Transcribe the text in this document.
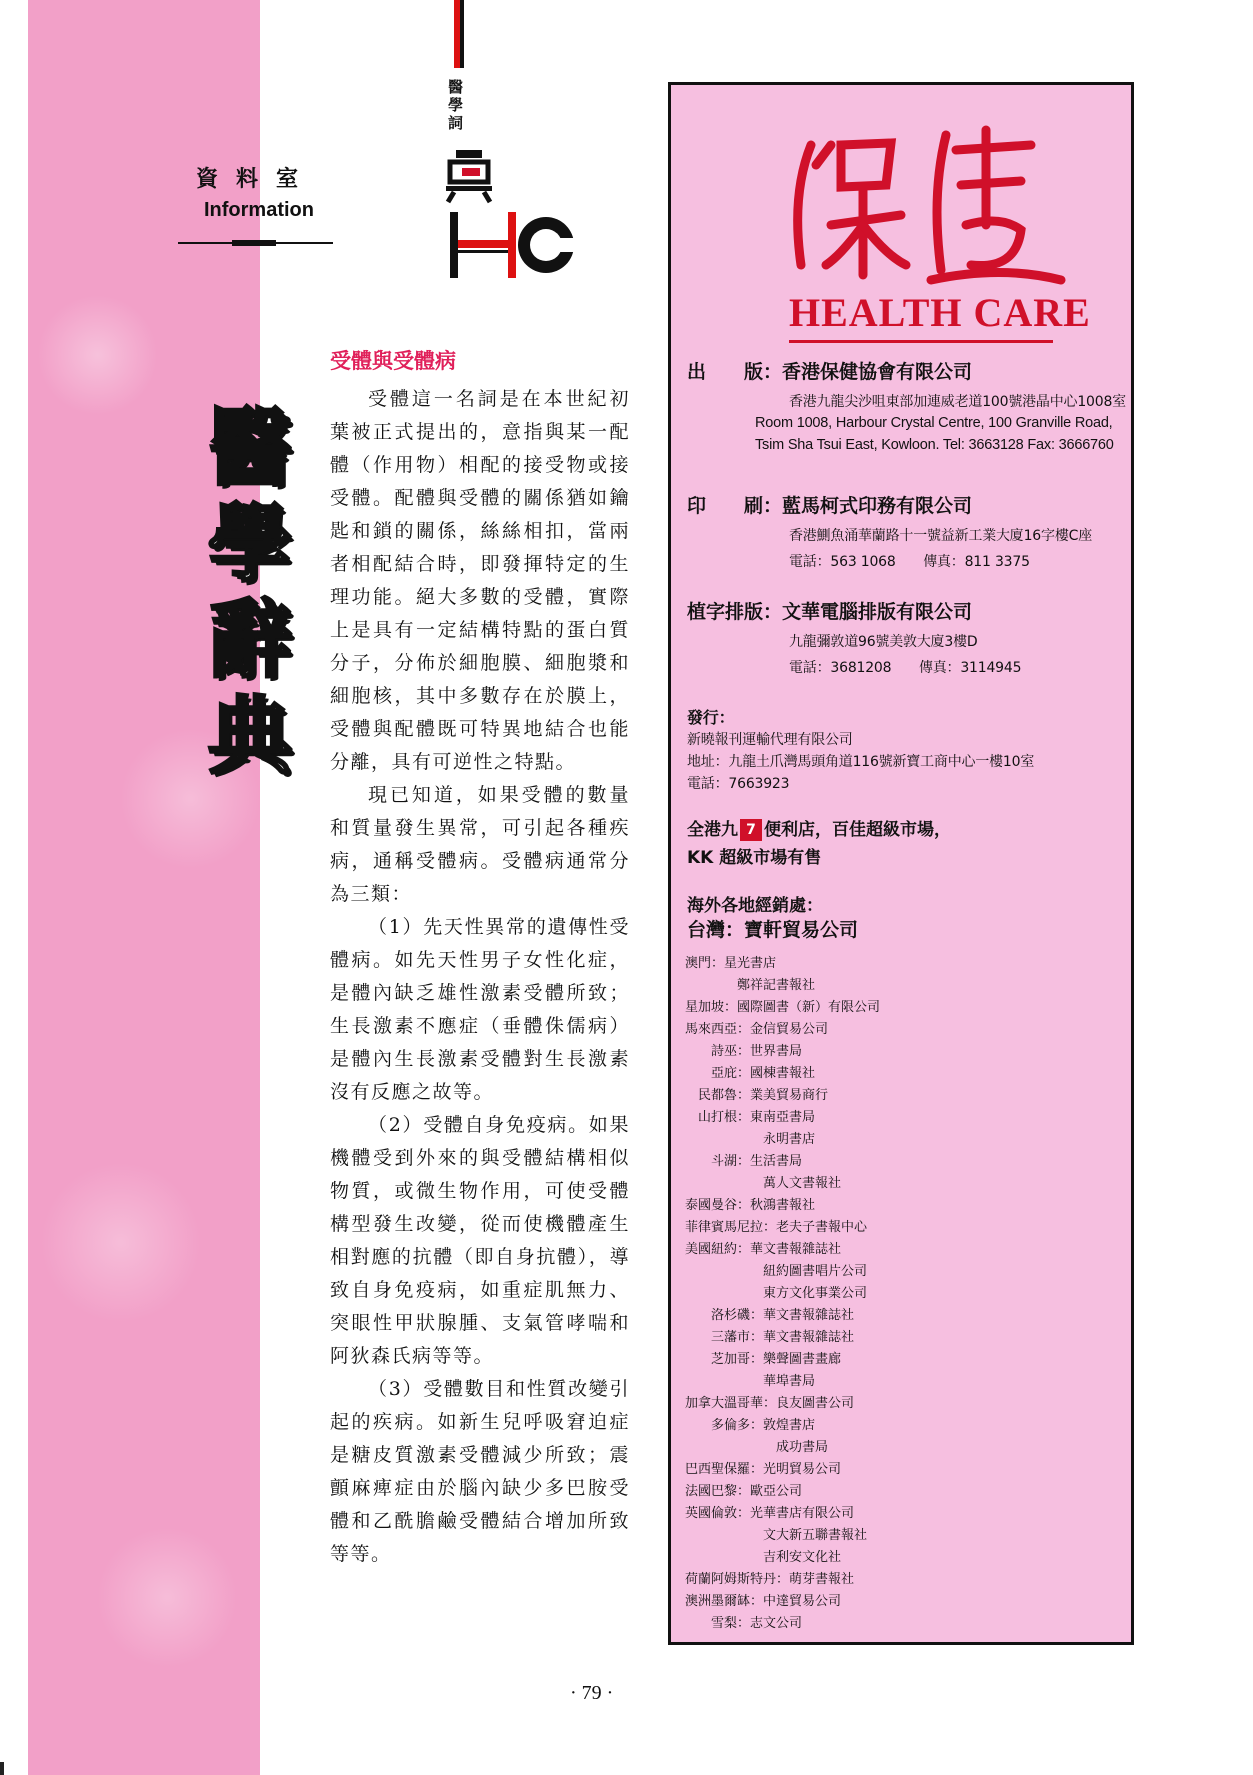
資料室
Information
醫學詞
醫
學
辭
典
受體與受體病

受體這一名詞是在本世紀初葉被正式提出的，意指與某一配體（作用物）相配的接受物或接受體。配體與受體的關係猶如鑰匙和鎖的關係，絲絲相扣，當兩者相配結合時，即發揮特定的生理功能。絕大多數的受體，實際上是具有一定結構特點的蛋白質分子，分佈於細胞膜、細胞漿和細胞核，其中多數存在於膜上，受體與配體既可特異地結合也能分離，具有可逆性之特點。

現已知道，如果受體的數量和質量發生異常，可引起各種疾病，通稱受體病。受體病通常分為三類：

（1）先天性異常的遺傳性受體病。如先天性男子女性化症，是體內缺乏雄性激素受體所致；生長激素不應症（垂體侏儒病）是體內生長激素受體對生長激素沒有反應之故等。

（2）受體自身免疫病。如果機體受到外來的與受體結構相似物質，或微生物作用，可使受體構型發生改變，從而使機體產生相對應的抗體（即自身抗體），導致自身免疫病，如重症肌無力、突眼性甲狀腺腫、支氣管哮喘和阿狄森氏病等等。

（3）受體數目和性質改變引起的疾病。如新生兒呼吸窘迫症是糖皮質激素受體減少所致；震顫麻痺症由於腦內缺少多巴胺受體和乙酰膽鹼受體結合增加所致等等。

· 79 ·
保健
HEALTH CARE
出　　版：香港保健協會有限公司
香港九龍尖沙咀東部加連威老道100號港晶中心1008室
Room 1008, Harbour Crystal Centre, 100 Granville Road,
Tsim Sha Tsui East, Kowloon. Tel: 3663128 Fax: 3666760
印　　刷：藍馬柯式印務有限公司
香港鰂魚涌華蘭路十一號益新工業大廈16字樓C座
電話：563 1068　　傳真：811 3375
植字排版：文華電腦排版有限公司
九龍彌敦道96號美敦大廈3樓D
電話：3681208　　傳真：3114945
發行：
新曉報刊運輸代理有限公司
地址：九龍土爪灣馬頭角道116號新寶工商中心一樓10室
電話：7663923
全港九 7 便利店，百佳超級市場，
KK 超級市場有售
海外各地經銷處：
台灣：寶軒貿易公司
澳門：星光書店
　　　　鄭祥記書報社
星加坡：國際圖書（新）有限公司
馬來西亞：金信貿易公司
　　詩巫：世界書局
　　亞庇：國棟書報社
　民都魯：業美貿易商行
　山打根：東南亞書局
　　　　　　永明書店
　　斗湖：生活書局
　　　　　　萬人文書報社
泰國曼谷：秋鴻書報社
菲律賓馬尼拉：老夫子書報中心
美國紐約：華文書報雜誌社
　　　　　　紐約圖書唱片公司
　　　　　　東方文化事業公司
　　洛杉磯：華文書報雜誌社
　　三藩市：華文書報雜誌社
　　芝加哥：樂聲圖書畫廊
　　　　　　華埠書局
加拿大溫哥華：良友圖書公司
　　多倫多：敦煌書店
　　　　　　　成功書局
巴西聖保羅：光明貿易公司
法國巴黎：歐亞公司
英國倫敦：光華書店有限公司
　　　　　　文大新五聯書報社
　　　　　　吉利安文化社
荷蘭阿姆斯特丹：萌芽書報社
澳洲墨爾缽：中達貿易公司
　　雪梨：志文公司
